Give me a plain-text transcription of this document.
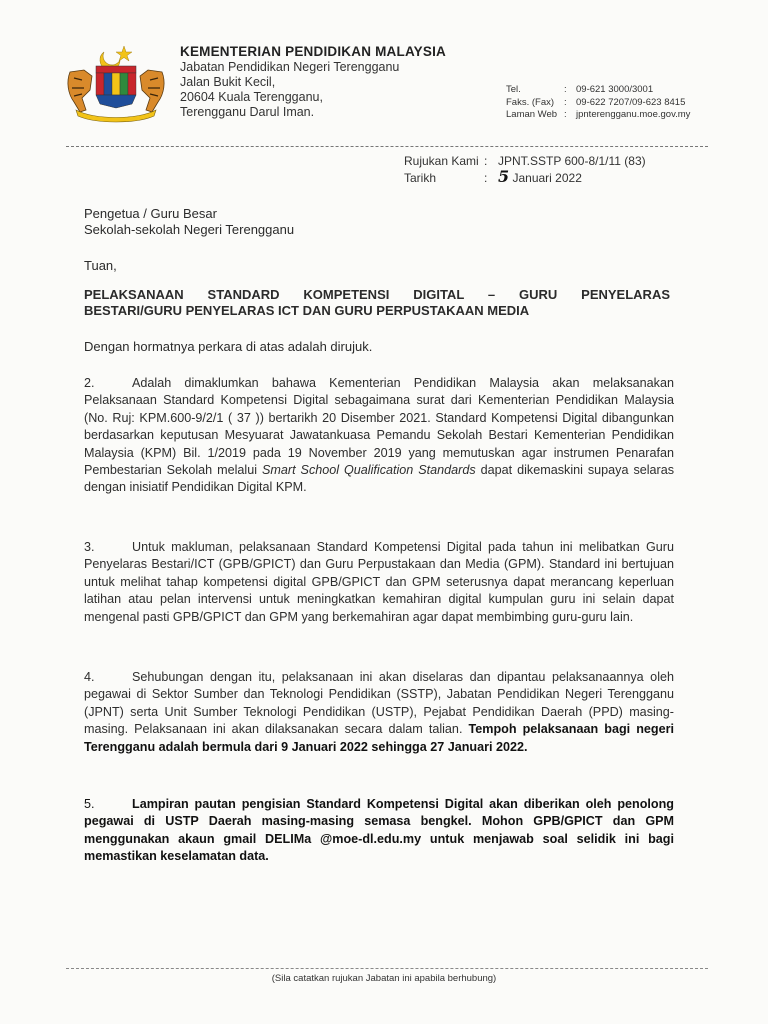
KEMENTERIAN PENDIDIKAN MALAYSIA
Jabatan Pendidikan Negeri Terengganu
Jalan Bukit Kecil,
20604 Kuala Terengganu,
Terengganu Darul Iman.
Tel.	: 09-621 3000/3001
Faks. (Fax) : 09-622 7207/09-623 8415
Laman Web : jpnterengganu.moe.gov.my
Rujukan Kami : JPNT.SSTP 600-8/1/11 (83)
Tarikh	: 5 Januari 2022
Pengetua / Guru Besar
Sekolah-sekolah Negeri Terengganu
Tuan,
PELAKSANAAN STANDARD KOMPETENSI DIGITAL – GURU PENYELARAS
BESTARI/GURU PENYELARAS ICT DAN GURU PERPUSTAKAAN MEDIA
Dengan hormatnya perkara di atas adalah dirujuk.
2.	Adalah dimaklumkan bahawa Kementerian Pendidikan Malaysia akan melaksanakan Pelaksanaan Standard Kompetensi Digital sebagaimana surat dari Kementerian Pendidikan Malaysia (No. Ruj: KPM.600-9/2/1 ( 37 )) bertarikh 20 Disember 2021. Standard Kompetensi Digital dibangunkan berdasarkan keputusan Mesyuarat Jawatankuasa Pemandu Sekolah Bestari Kementerian Pendidikan Malaysia (KPM) Bil. 1/2019 pada 19 November 2019 yang memutuskan agar instrumen Penarafan Pembestarian Sekolah melalui Smart School Qualification Standards dapat dikemaskini supaya selaras dengan inisiatif Pendidikan Digital KPM.
3.	Untuk makluman, pelaksanaan Standard Kompetensi Digital pada tahun ini melibatkan Guru Penyelaras Bestari/ICT (GPB/GPICT) dan Guru Perpustakaan dan Media (GPM). Standard ini bertujuan untuk melihat tahap kompetensi digital GPB/GPICT dan GPM seterusnya dapat merancang keperluan latihan atau pelan intervensi untuk meningkatkan kemahiran digital kumpulan guru ini selain dapat mengenal pasti GPB/GPICT dan GPM yang berkemahiran agar dapat membimbing guru-guru lain.
4.	Sehubungan dengan itu, pelaksanaan ini akan diselaras dan dipantau pelaksanaannya oleh pegawai di Sektor Sumber dan Teknologi Pendidikan (SSTP), Jabatan Pendidikan Negeri Terengganu (JPNT) serta Unit Sumber Teknologi Pendidikan (USTP), Pejabat Pendidikan Daerah (PPD) masing-masing. Pelaksanaan ini akan dilaksanakan secara dalam talian. Tempoh pelaksanaan bagi negeri Terengganu adalah bermula dari 9 Januari 2022 sehingga 27 Januari 2022.
5.	Lampiran pautan pengisian Standard Kompetensi Digital akan diberikan oleh penolong pegawai di USTP Daerah masing-masing semasa bengkel. Mohon GPB/GPICT dan GPM menggunakan akaun gmail DELIMa @moe-dl.edu.my untuk menjawab soal selidik ini bagi memastikan keselamatan data.
(Sila catatkan rujukan Jabatan ini apabila berhubung)
